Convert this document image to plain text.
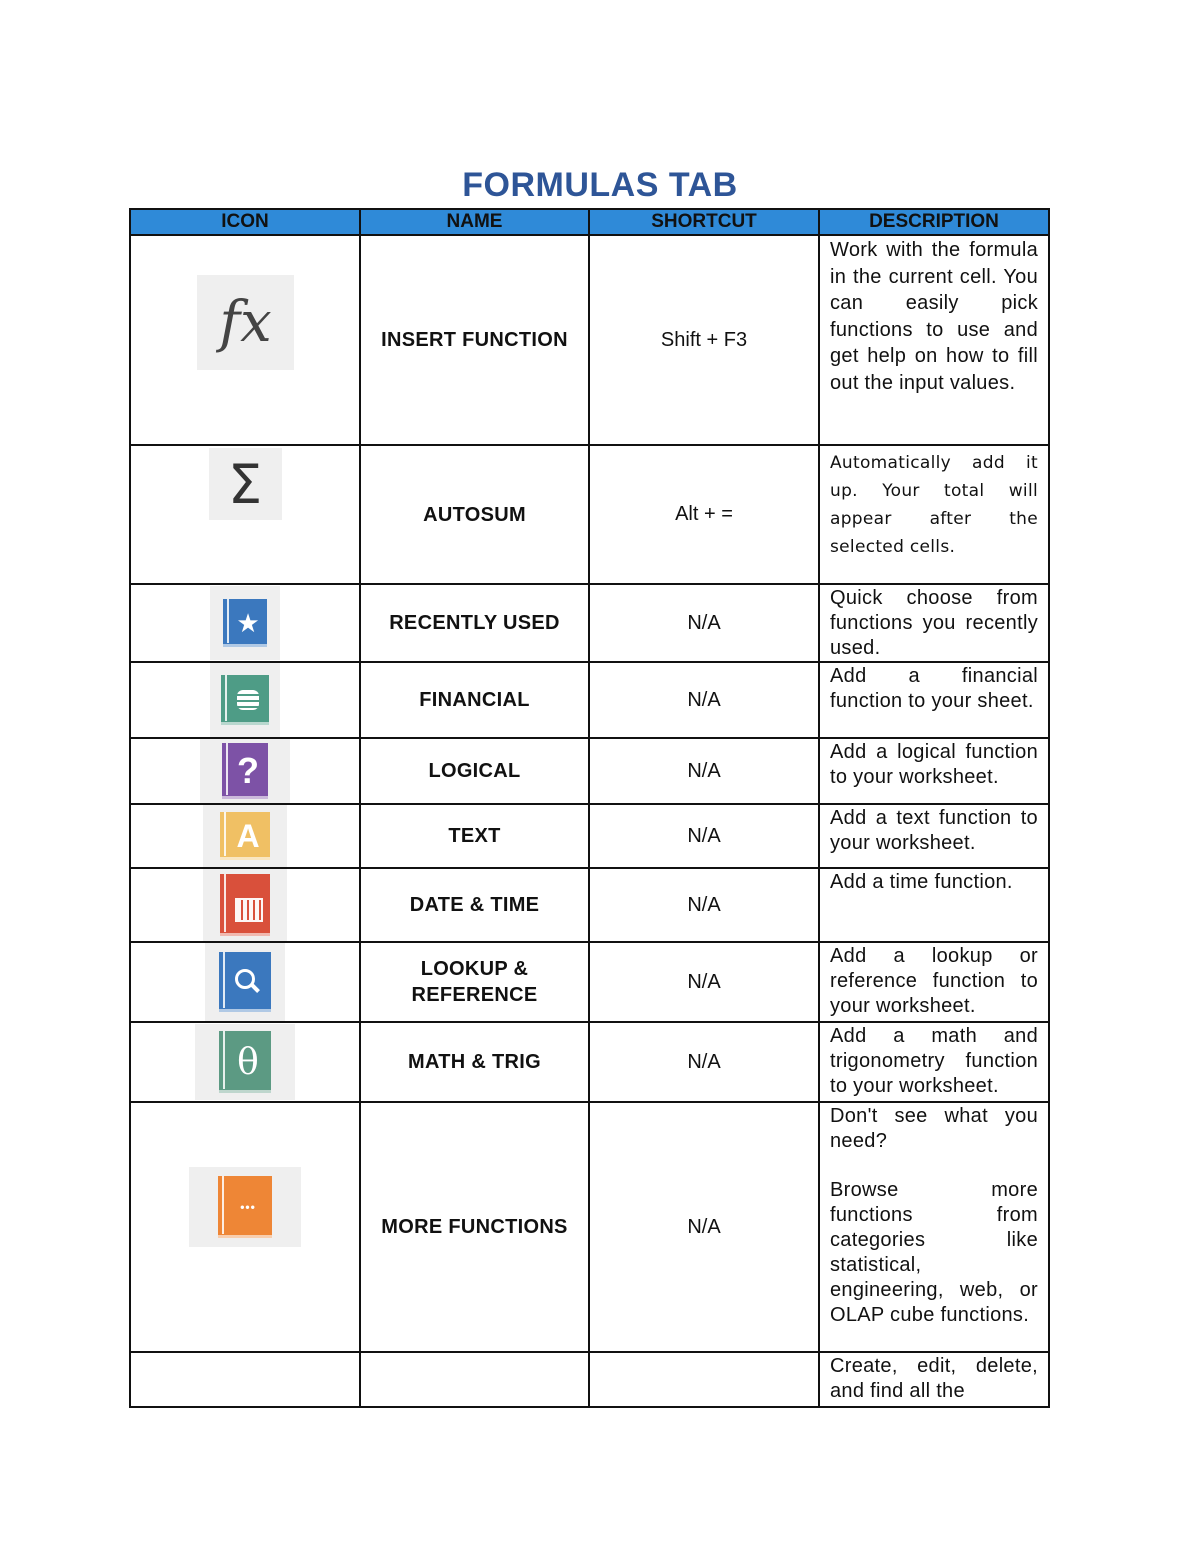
FORMULAS TAB
ICON	NAME	SHORTCUT	DESCRIPTION

fx	INSERT FUNCTION	Shift + F3	Work with the formula in the current cell. You can easily pick functions to use and get help on how to fill out the input values.

Σ	AUTOSUM	Alt + =	Automatically add it up. Your total will appear after the selected cells.

★	RECENTLY USED	N/A	Quick choose from functions you recently used.

	FINANCIAL	N/A	Add a financial function to your sheet.

?	LOGICAL	N/A	Add a logical function to your worksheet.

A	TEXT	N/A	Add a text function to your worksheet.

	DATE & TIME	N/A	Add a time function.

	LOOKUP &
REFERENCE	N/A	Add a lookup or reference function to your worksheet.

θ	MATH & TRIG	N/A	Add a math and trigonometry function to your worksheet.

•••	MORE FUNCTIONS	N/A	Don't see what you need?

Browse more functions from categories like statistical, engineering, web, or OLAP cube functions.

			Create, edit, delete, and find all the
